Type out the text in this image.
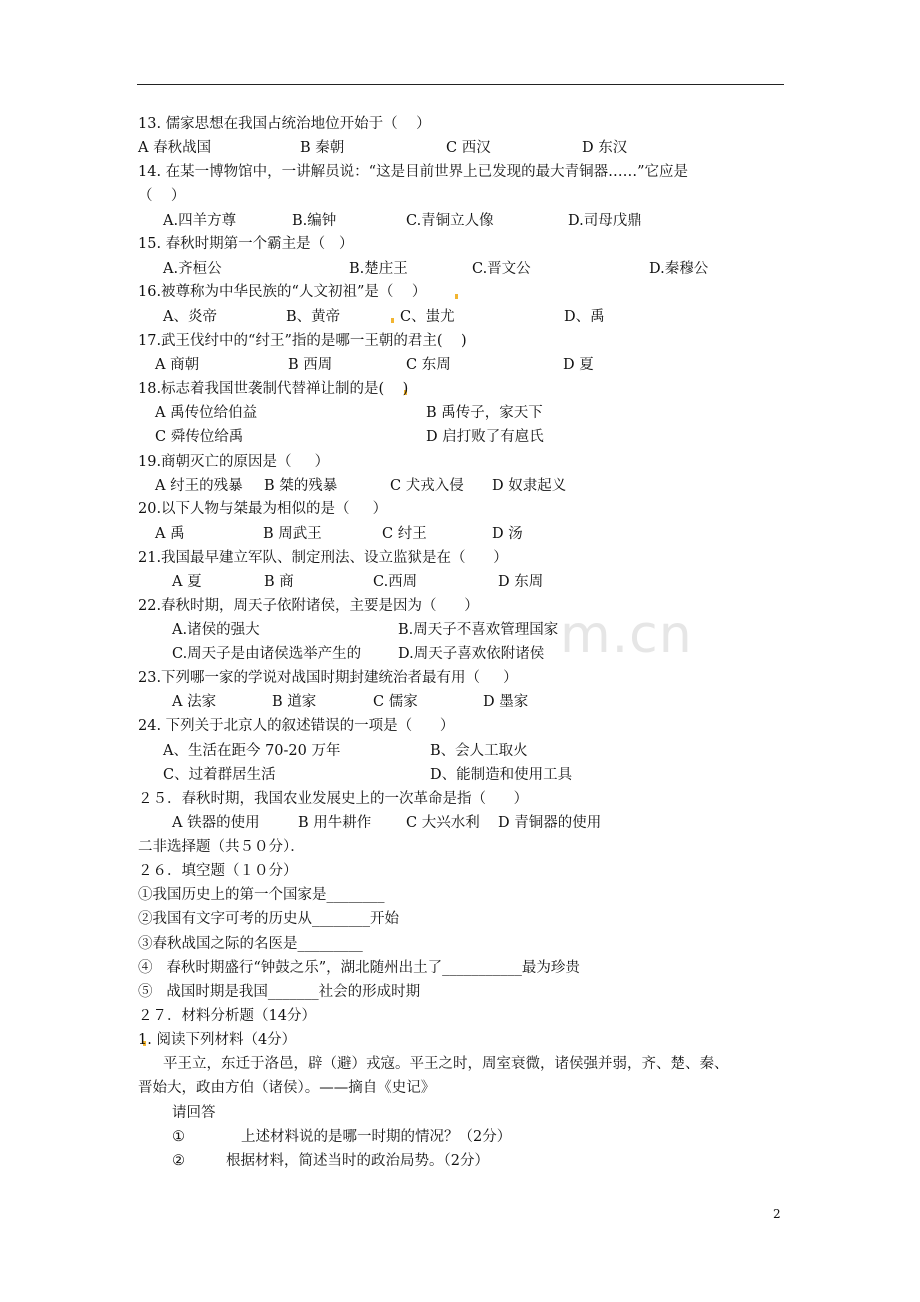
m.cn
13. 儒家思想在我国占统治地位开始于（    ）
A 春秋战国	B 秦朝	C 西汉	D 东汉
14. 在某一博物馆中，一讲解员说：“这是目前世界上已发现的最大青铜器……”它应是
（    ）
A.四羊方尊	B.编钟	C.青铜立人像	D.司母戊鼎
15. 春秋时期第一个霸主是（   ）
A.齐桓公	B.楚庄王	C.晋文公	D.秦穆公
16.被尊称为中华民族的“人文初祖”是（    ）
A、炎帝	B、黄帝	C、蚩尤	D、禹
17.武王伐纣中的“纣王”指的是哪一王朝的君主(    )
A 商朝	B 西周	C 东周	D 夏
18.标志着我国世袭制代替禅让制的是(    )
A 禹传位给伯益	B 禹传子，家天下
C 舜传位给禹	D 启打败了有扈氏
19.商朝灭亡的原因是（     ）
A 纣王的残暴 B 桀的残暴	C 犬戎入侵 D 奴隶起义
20.以下人物与桀最为相似的是（     ）
A 禹	B 周武王	C 纣王	D 汤
21.我国最早建立军队、制定刑法、设立监狱是在（      ）
A 夏	B 商	C.西周	D 东周
22.春秋时期，周天子依附诸侯，主要是因为（      ）
A.诸侯的强大	B.周天子不喜欢管理国家
C.周天子是由诸侯选举产生的	D.周天子喜欢依附诸侯
23.下列哪一家的学说对战国时期封建统治者最有用（     ）
A 法家	B 道家	C 儒家	D 墨家
24. 下列关于北京人的叙述错误的一项是（      ）
A、生活在距今 70-20 万年	B、会人工取火
C、过着群居生活	D、能制造和使用工具
２５．春秋时期，我国农业发展史上的一次革命是指（      ）
A 铁器的使用	B 用牛耕作 C 大兴水利 D 青铜器的使用
二非选择题（共５０分）．
２６．填空题（１０分）
①我国历史上的第一个国家是________
②我国有文字可考的历史从________开始
③春秋战国之际的名医是_________
④   春秋时期盛行“钟鼓之乐”，湖北随州出土了___________最为珍贵
⑤   战国时期是我国_______社会的形成时期
２７．材料分析题（14分）
1. 阅读下列材料（4分）
平王立，东迁于洛邑，辟（避）戎寇。平王之时，周室衰微，诸侯强并弱，齐、楚、秦、
晋始大，政由方伯（诸侯）。——摘自《史记》
请回答
①	上述材料说的是哪一时期的情况？（2分）
②	根据材料，简述当时的政治局势。（2分）
2
